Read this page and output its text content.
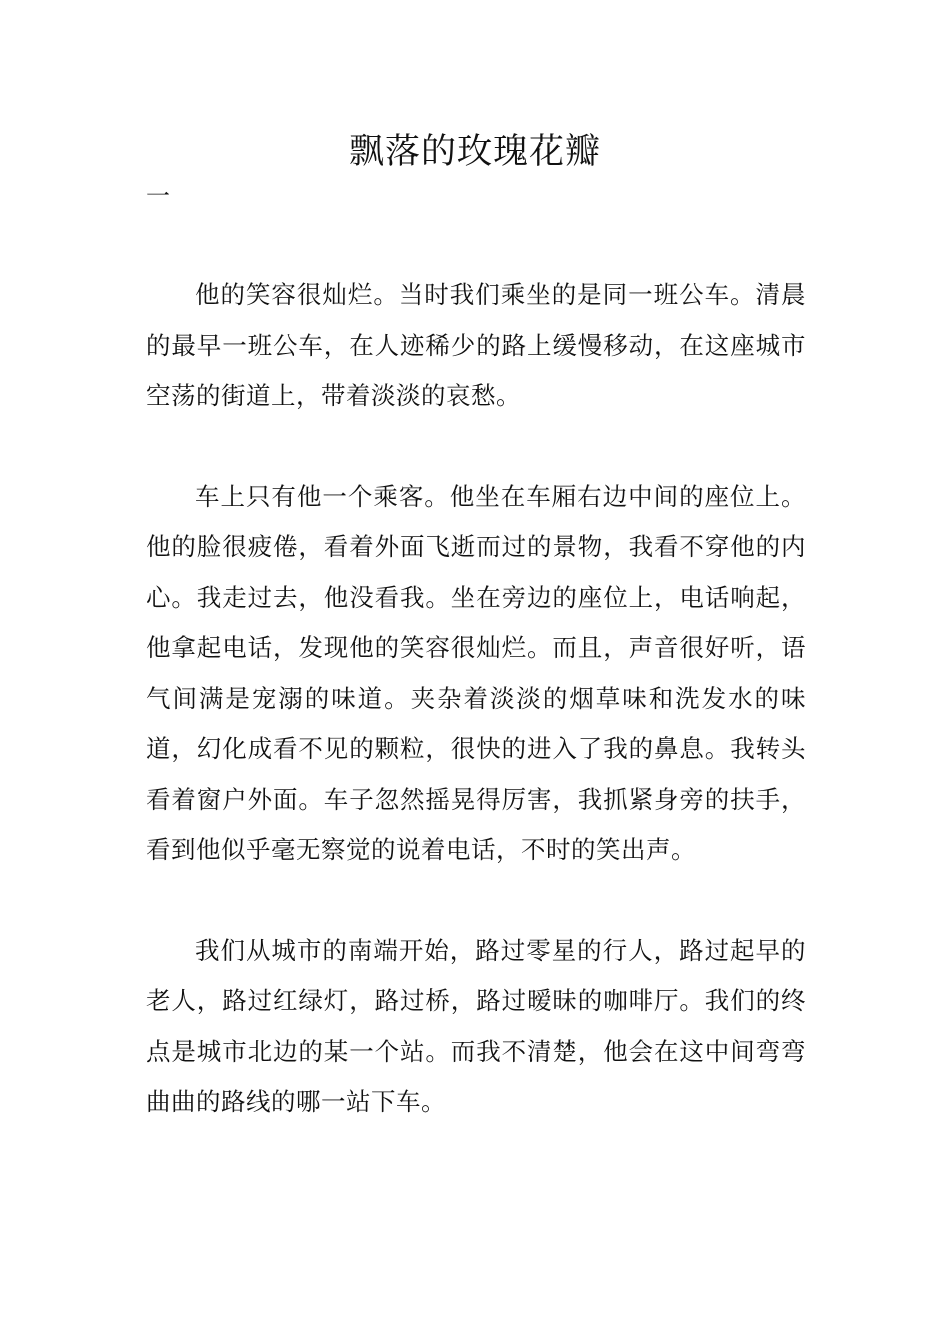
飘落的玫瑰花瓣
一

他的笑容很灿烂。当时我们乘坐的是同一班公车。清晨的最早一班公车，在人迹稀少的路上缓慢移动，在这座城市空荡的街道上，带着淡淡的哀愁。

车上只有他一个乘客。他坐在车厢右边中间的座位上。他的脸很疲倦，看着外面飞逝而过的景物，我看不穿他的内心。我走过去，他没看我。坐在旁边的座位上，电话响起，他拿起电话，发现他的笑容很灿烂。而且，声音很好听，语气间满是宠溺的味道。夹杂着淡淡的烟草味和洗发水的味道，幻化成看不见的颗粒，很快的进入了我的鼻息。我转头看着窗户外面。车子忽然摇晃得厉害，我抓紧身旁的扶手，看到他似乎毫无察觉的说着电话，不时的笑出声。

我们从城市的南端开始，路过零星的行人，路过起早的老人，路过红绿灯，路过桥，路过暧昧的咖啡厅。我们的终点是城市北边的某一个站。而我不清楚，他会在这中间弯弯曲曲的路线的哪一站下车。
